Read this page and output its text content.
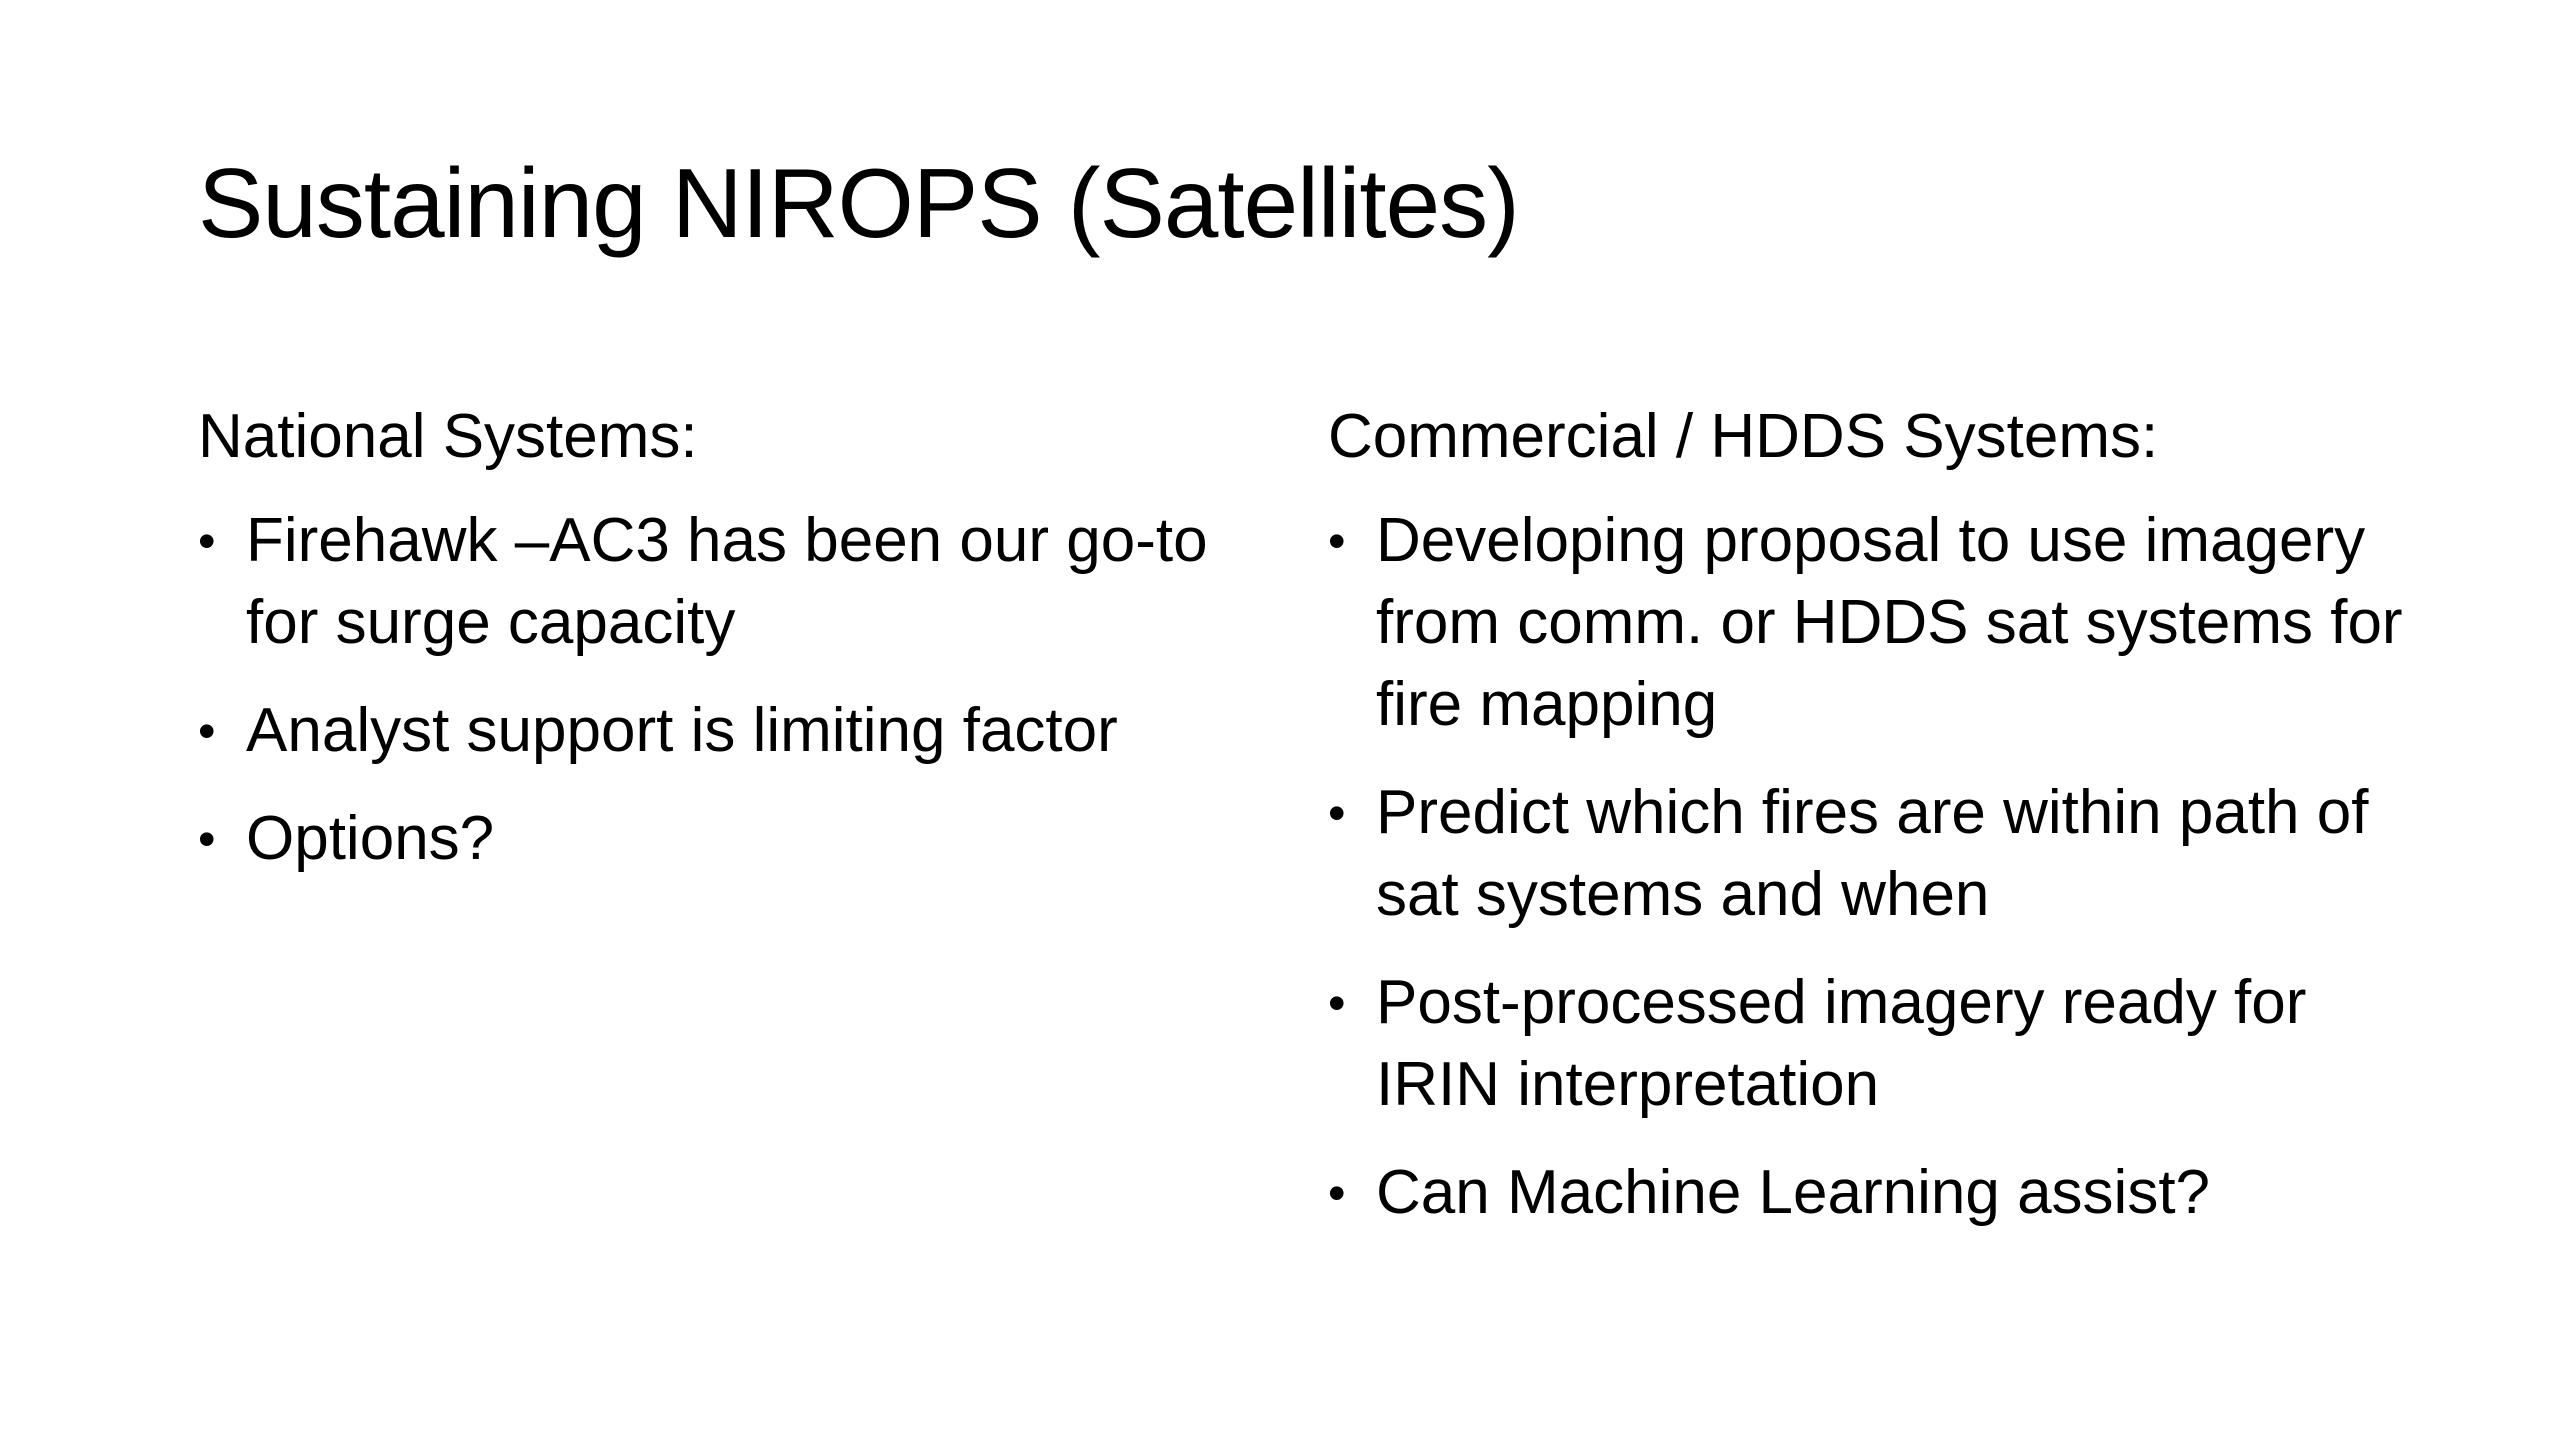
Sustaining NIROPS (Satellites)
National Systems:
• Firehawk –AC3 has been our go-to for surge capacity
• Analyst support is limiting factor
• Options?
Commercial / HDDS Systems:
• Developing proposal to use imagery from comm. or HDDS sat systems for fire mapping
• Predict which fires are within path of sat systems and when
• Post-processed imagery ready for IRIN interpretation
• Can Machine Learning assist?
